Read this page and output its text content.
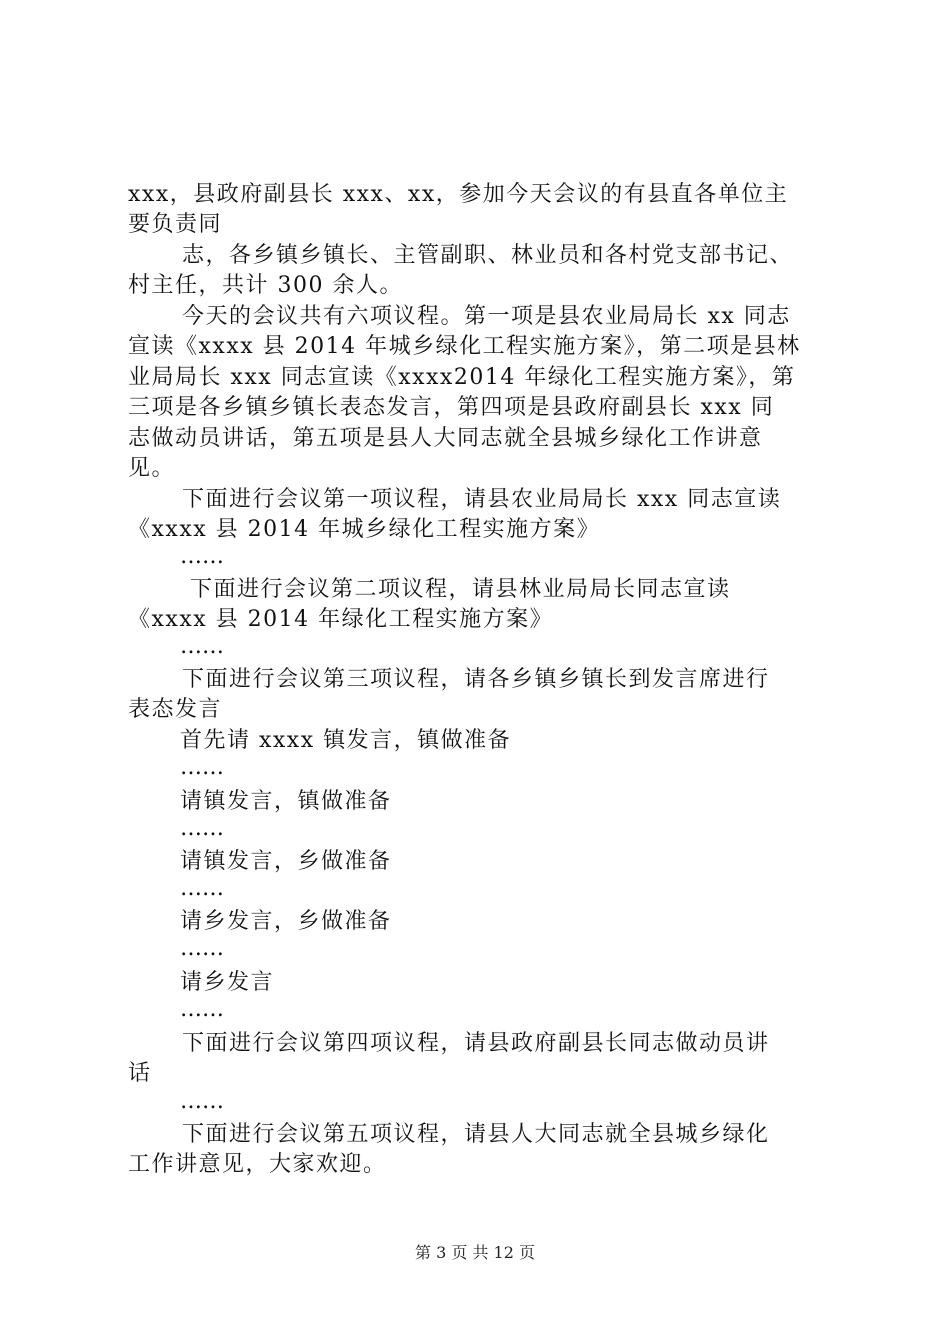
xxx，县政府副县长 xxx、xx，参加今天会议的有县直各单位主
要负责同
志，各乡镇乡镇长、主管副职、林业员和各村党支部书记、
村主任，共计 300 余人。
今天的会议共有六项议程。第一项是县农业局局长 xx 同志
宣读《xxxx 县 2014 年城乡绿化工程实施方案》，第二项是县林
业局局长 xxx 同志宣读《xxxx2014 年绿化工程实施方案》，第
三项是各乡镇乡镇长表态发言，第四项是县政府副县长 xxx 同
志做动员讲话，第五项是县人大同志就全县城乡绿化工作讲意
见。
下面进行会议第一项议程，请县农业局局长 xxx 同志宣读
《xxxx 县 2014 年城乡绿化工程实施方案》
……
下面进行会议第二项议程，请县林业局局长同志宣读
《xxxx 县 2014 年绿化工程实施方案》
……
下面进行会议第三项议程，请各乡镇乡镇长到发言席进行
表态发言
首先请 xxxx 镇发言，镇做准备
……
请镇发言，镇做准备
……
请镇发言，乡做准备
……
请乡发言，乡做准备
……
请乡发言
……
下面进行会议第四项议程，请县政府副县长同志做动员讲
话
……
下面进行会议第五项议程，请县人大同志就全县城乡绿化
工作讲意见，大家欢迎。
第 3 页 共 12 页
